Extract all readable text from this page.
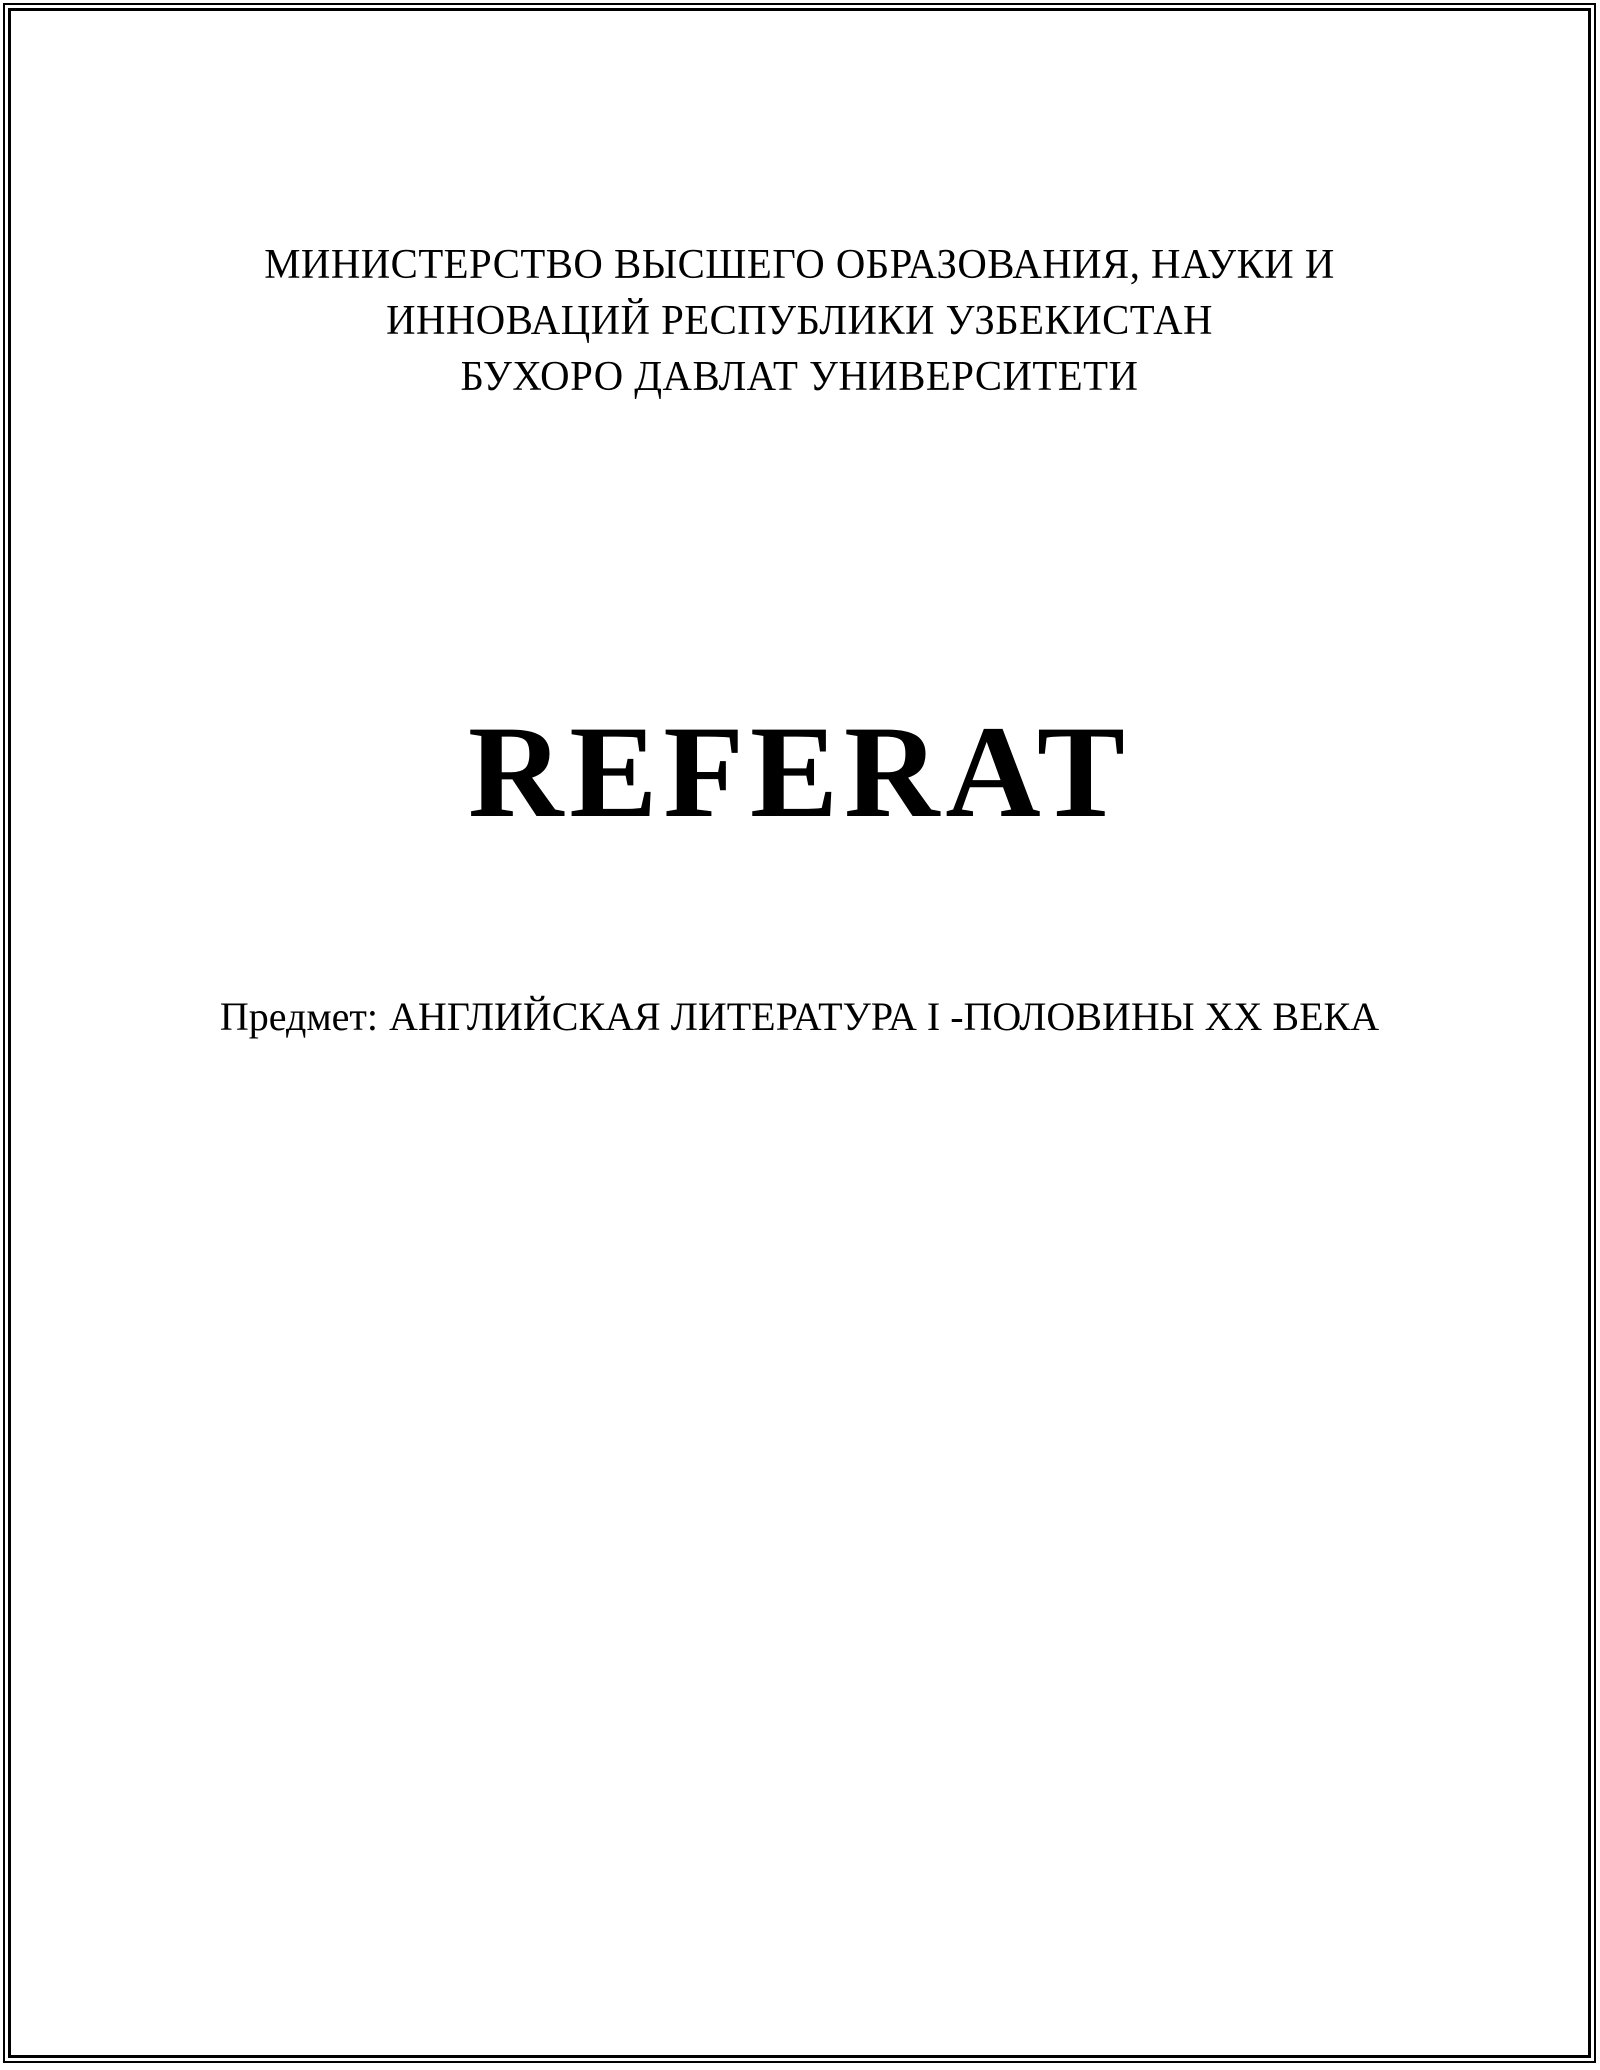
МИНИСТЕРСТВО ВЫСШЕГО ОБРАЗОВАНИЯ, НАУКИ И
ИННОВАЦИЙ РЕСПУБЛИКИ УЗБЕКИСТАН
БУХОРО ДАВЛАТ УНИВЕРСИТЕТИ
REFERAT
Предмет: АНГЛИЙСКАЯ ЛИТЕРАТУРА I -ПОЛОВИНЫ XX ВЕКА
